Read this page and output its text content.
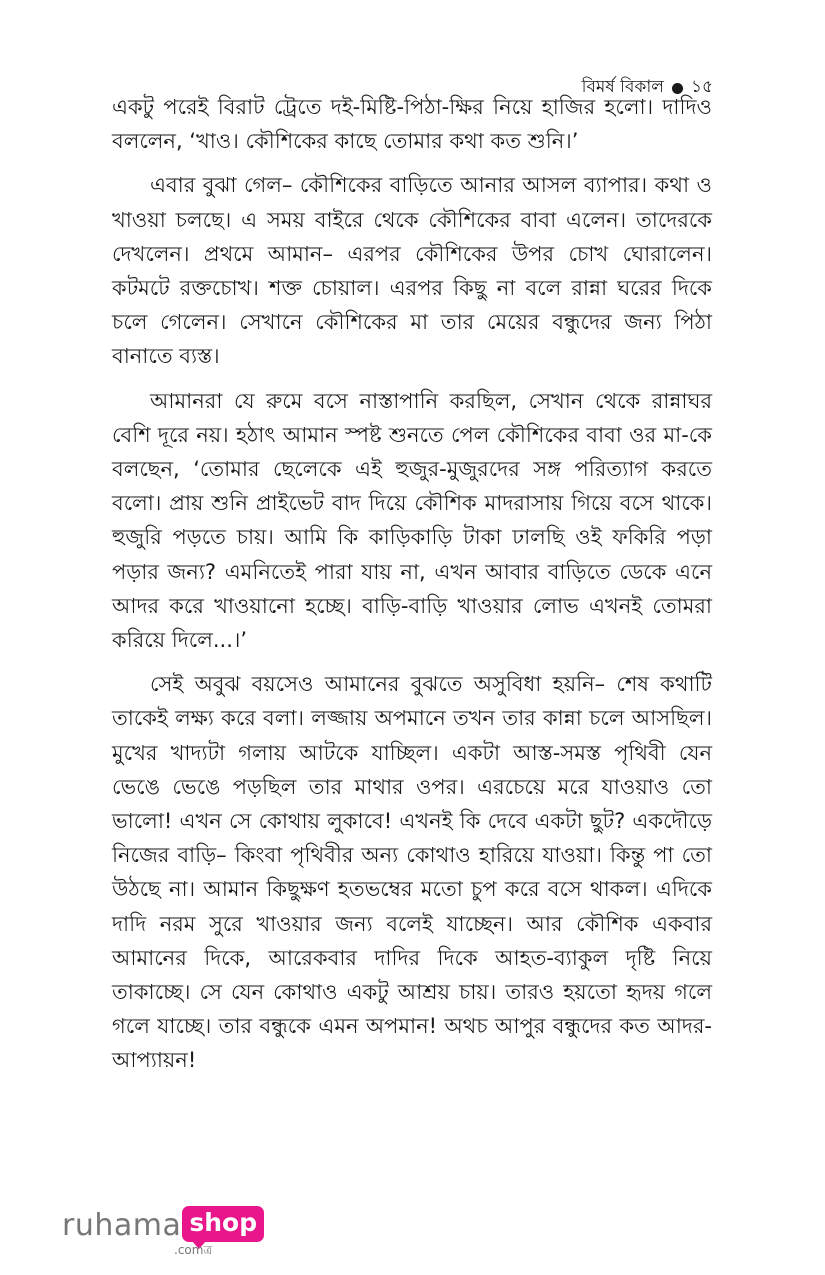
বিমর্ষ বিকাল ১৫

একটু পরেই বিরাট ট্রেতে দই-মিষ্টি-পিঠা-ক্ষির নিয়ে হাজির হলো। দাদিও বললেন, ‘খাও। কৌশিকের কাছে তোমার কথা কত শুনি।’

এবার বুঝা গেল– কৌশিকের বাড়িতে আনার আসল ব্যাপার। কথা ও খাওয়া চলছে। এ সময় বাইরে থেকে কৌশিকের বাবা এলেন। তাদেরকে দেখলেন। প্রথমে আমান– এরপর কৌশিকের উপর চোখ ঘোরালেন। কটমটে রক্তচোখ। শক্ত চোয়াল। এরপর কিছু না বলে রান্না ঘরের দিকে চলে গেলেন। সেখানে কৌশিকের মা তার মেয়ের বন্ধুদের জন্য পিঠা বানাতে ব্যস্ত।

আমানরা যে রুমে বসে নাস্তাপানি করছিল, সেখান থেকে রান্নাঘর বেশি দূরে নয়। হঠাৎ আমান স্পষ্ট শুনতে পেল কৌশিকের বাবা ওর মা-কে বলছেন, ‘তোমার ছেলেকে এই হুজুর-মুজুরদের সঙ্গ পরিত্যাগ করতে বলো। প্রায় শুনি প্রাইভেট বাদ দিয়ে কৌশিক মাদরাসায় গিয়ে বসে থাকে। হুজুরি পড়তে চায়। আমি কি কাড়িকাড়ি টাকা ঢালছি ওই ফকিরি পড়া পড়ার জন্য? এমনিতেই পারা যায় না, এখন আবার বাড়িতে ডেকে এনে আদর করে খাওয়ানো হচ্ছে। বাড়ি-বাড়ি খাওয়ার লোভ এখনই তোমরা করিয়ে দিলে...।’

সেই অবুঝ বয়সেও আমানের বুঝতে অসুবিধা হয়নি– শেষ কথাটি তাকেই লক্ষ্য করে বলা। লজ্জায় অপমানে তখন তার কান্না চলে আসছিল। মুখের খাদ্যটা গলায় আটকে যাচ্ছিল। একটা আস্ত-সমস্ত পৃথিবী যেন ভেঙে ভেঙে পড়ছিল তার মাথার ওপর। এরচেয়ে মরে যাওয়াও তো ভালো! এখন সে কোথায় লুকাবে! এখনই কি দেবে একটা ছুট? একদৌড়ে নিজের বাড়ি– কিংবা পৃথিবীর অন্য কোথাও হারিয়ে যাওয়া। কিন্তু পা তো উঠছে না। আমান কিছুক্ষণ হতভম্বের মতো চুপ করে বসে থাকল। এদিকে দাদি নরম সুরে খাওয়ার জন্য বলেই যাচ্ছেন। আর কৌশিক একবার আমানের দিকে, আরেকবার দাদির দিকে আহত-ব্যাকুল দৃষ্টি নিয়ে তাকাচ্ছে। সে যেন কোথাও একটু আশ্রয় চায়। তারও হয়তো হৃদয় গলে গলে যাচ্ছে। তার বন্ধুকে এমন অপমান! অথচ আপুর বন্ধুদের কত আদর-আপ্যায়ন!

ruhama shop
.comত্র
